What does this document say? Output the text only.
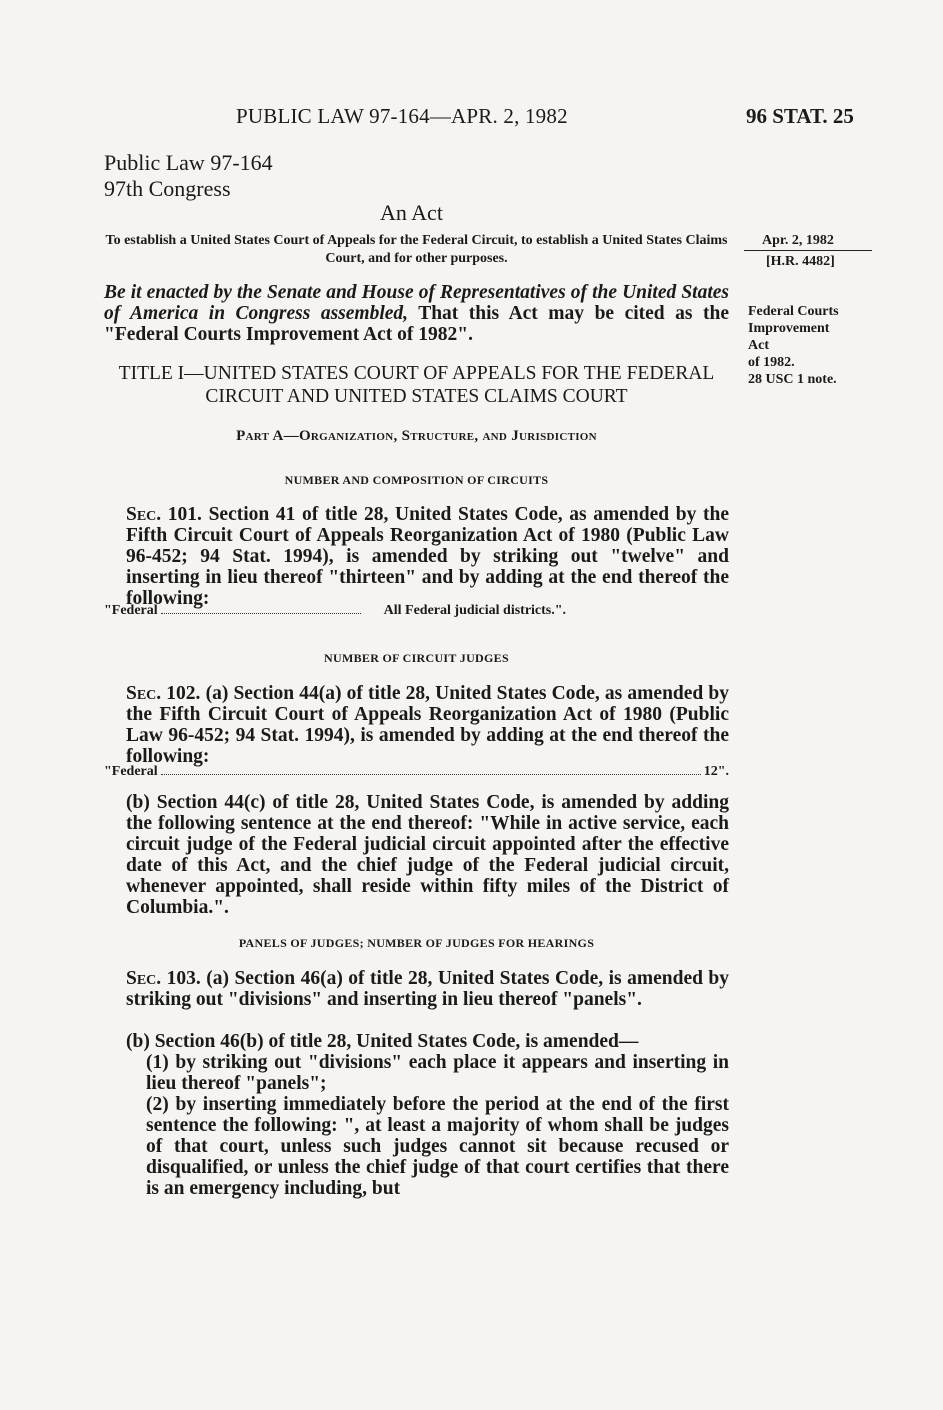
PUBLIC LAW 97-164—APR. 2, 1982	96 STAT. 25
Public Law 97-164
97th Congress
An Act
To establish a United States Court of Appeals for the Federal Circuit, to establish a United States Claims Court, and for other purposes.
Apr. 2, 1982
[H.R. 4482]
Federal Courts
Improvement
Act
of 1982.
28 USC 1 note.
Be it enacted by the Senate and House of Representatives of the United States of America in Congress assembled, That this Act may be cited as the "Federal Courts Improvement Act of 1982".
TITLE I—UNITED STATES COURT OF APPEALS FOR THE FEDERAL CIRCUIT AND UNITED STATES CLAIMS COURT
Part A—Organization, Structure, and Jurisdiction
NUMBER AND COMPOSITION OF CIRCUITS
Sec. 101. Section 41 of title 28, United States Code, as amended by the Fifth Circuit Court of Appeals Reorganization Act of 1980 (Public Law 96-452; 94 Stat. 1994), is amended by striking out "twelve" and inserting in lieu thereof "thirteen" and by adding at the end thereof the following:
"Federal	All Federal judicial districts.".
NUMBER OF CIRCUIT JUDGES
Sec. 102. (a) Section 44(a) of title 28, United States Code, as amended by the Fifth Circuit Court of Appeals Reorganization Act of 1980 (Public Law 96-452; 94 Stat. 1994), is amended by adding at the end thereof the following:
"Federal	12".
(b) Section 44(c) of title 28, United States Code, is amended by adding the following sentence at the end thereof: "While in active service, each circuit judge of the Federal judicial circuit appointed after the effective date of this Act, and the chief judge of the Federal judicial circuit, whenever appointed, shall reside within fifty miles of the District of Columbia.".
PANELS OF JUDGES; NUMBER OF JUDGES FOR HEARINGS
Sec. 103. (a) Section 46(a) of title 28, United States Code, is amended by striking out "divisions" and inserting in lieu thereof "panels".
(b) Section 46(b) of title 28, United States Code, is amended—
(1) by striking out "divisions" each place it appears and inserting in lieu thereof "panels";
(2) by inserting immediately before the period at the end of the first sentence the following: ", at least a majority of whom shall be judges of that court, unless such judges cannot sit because recused or disqualified, or unless the chief judge of that court certifies that there is an emergency including, but
